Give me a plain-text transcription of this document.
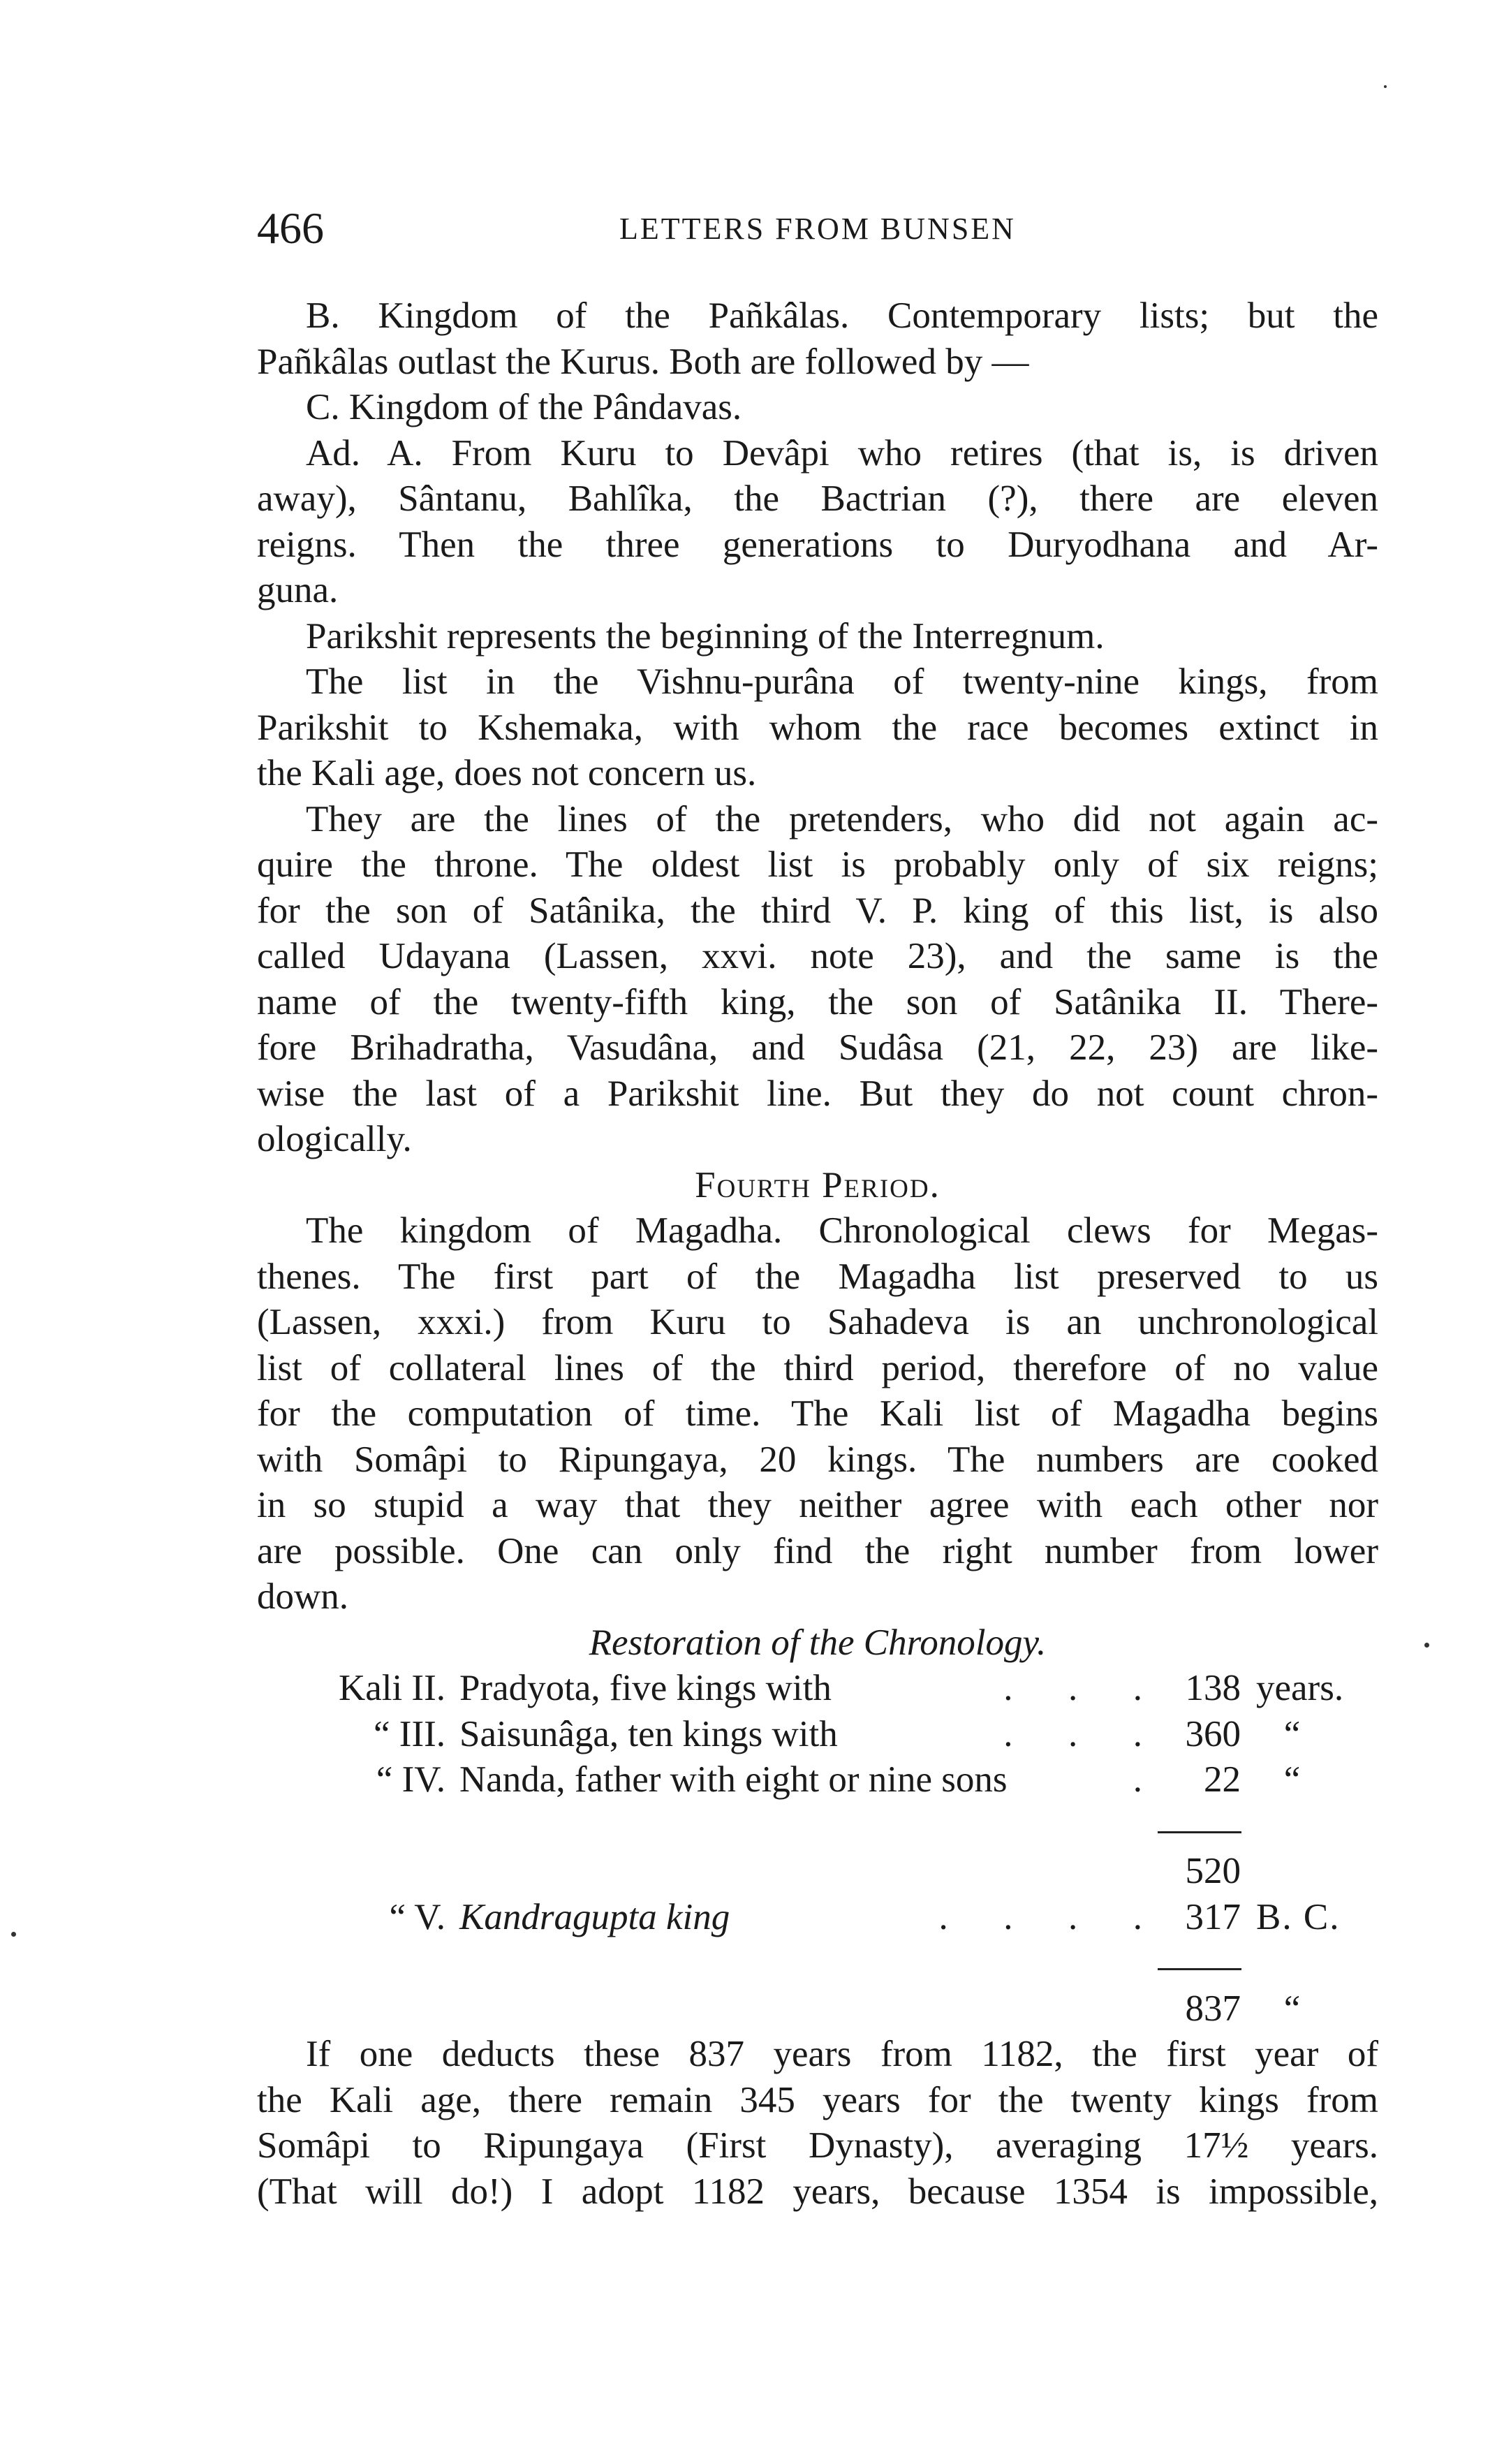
466	LETTERS FROM BUNSEN
B. Kingdom of the Pañkâlas. Contemporary lists; but the
Pañkâlas outlast the Kurus. Both are followed by —
C. Kingdom of the Pândavas.
Ad. A. From Kuru to Devâpi who retires (that is, is driven
away), Sântanu, Bahlîka, the Bactrian (?), there are eleven
reigns. Then the three generations to Duryodhana and Ar-
guna.
Parikshit represents the beginning of the Interregnum.
The list in the Vishnu-purâna of twenty-nine kings, from
Parikshit to Kshemaka, with whom the race becomes extinct in
the Kali age, does not concern us.
They are the lines of the pretenders, who did not again ac-
quire the throne. The oldest list is probably only of six reigns;
for the son of Satânika, the third V. P. king of this list, is also
called Udayana (Lassen, xxvi. note 23), and the same is the
name of the twenty-fifth king, the son of Satânika II. There-
fore Brihadratha, Vasudâna, and Sudâsa (21, 22, 23) are like-
wise the last of a Parikshit line. But they do not count chron-
ologically.
Fourth Period.
The kingdom of Magadha. Chronological clews for Megas-
thenes. The first part of the Magadha list preserved to us
(Lassen, xxxi.) from Kuru to Sahadeva is an unchronological
list of collateral lines of the third period, therefore of no value
for the computation of time. The Kali list of Magadha begins
with Somâpi to Ripungaya, 20 kings. The numbers are cooked
in so stupid a way that they neither agree with each other nor
are possible. One can only find the right number from lower
down.
Restoration of the Chronology.
Kali II. Pradyota, five kings with	.      .      .	138 years.
“ III. Saisunâga, ten kings with	.      .      .	360 “
“ IV. Nanda, father with eight or nine sons	.	22 “
520
“ V. Kandragupta king	.      .      .      .	317 B. C.
837 “
If one deducts these 837 years from 1182, the first year of
the Kali age, there remain 345 years for the twenty kings from
Somâpi to Ripungaya (First Dynasty), averaging 17½ years.
(That will do!) I adopt 1182 years, because 1354 is impossible,
